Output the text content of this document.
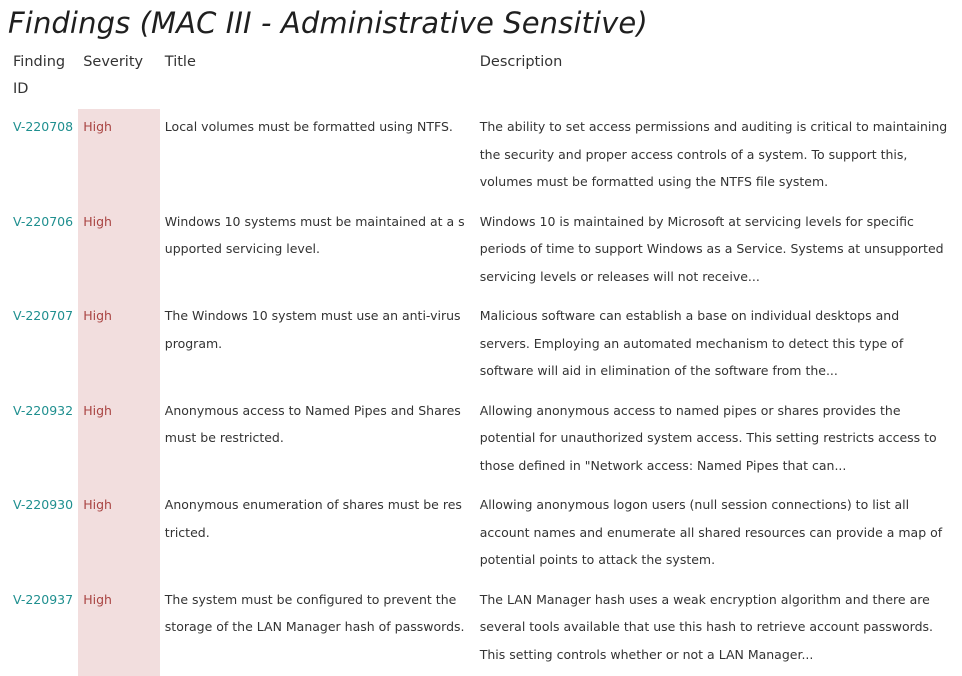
Findings (MAC III - Administrative Sensitive)
Finding ID	Severity	Title	Description
V-220708	High	Local volumes must be formatted using NTFS.	The ability to set access permissions and auditing is critical to maintaining the security and proper access controls of a system. To support this, volumes must be formatted using the NTFS file system.
V-220706	High	Windows 10 systems must be maintained at a supported servicing level.	Windows 10 is maintained by Microsoft at servicing levels for specific periods of time to support Windows as a Service. Systems at unsupported servicing levels or releases will not receive...
V-220707	High	The Windows 10 system must use an anti-virus program.	Malicious software can establish a base on individual desktops and servers. Employing an automated mechanism to detect this type of software will aid in elimination of the software from the...
V-220932	High	Anonymous access to Named Pipes and Shares must be restricted.	Allowing anonymous access to named pipes or shares provides the potential for unauthorized system access. This setting restricts access to those defined in "Network access: Named Pipes that can...
V-220930	High	Anonymous enumeration of shares must be restricted.	Allowing anonymous logon users (null session connections) to list all account names and enumerate all shared resources can provide a map of potential points to attack the system.
V-220937	High	The system must be configured to prevent the storage of the LAN Manager hash of passwords.	The LAN Manager hash uses a weak encryption algorithm and there are several tools available that use this hash to retrieve account passwords. This setting controls whether or not a LAN Manager...
